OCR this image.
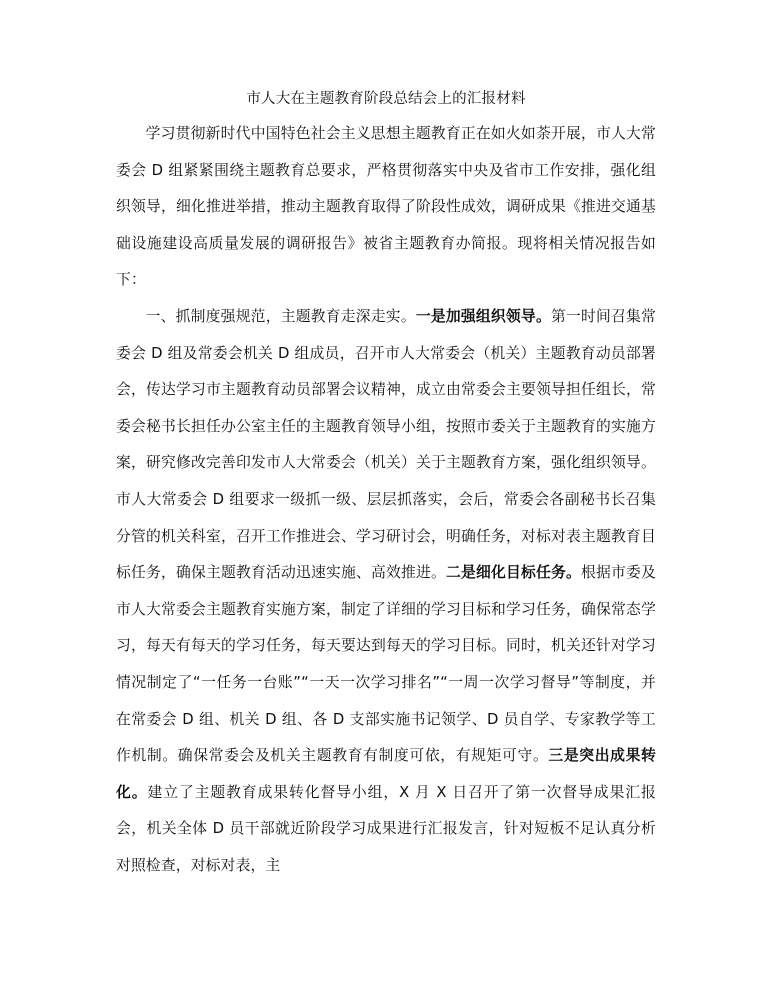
市人大在主题教育阶段总结会上的汇报材料

学习贯彻新时代中国特色社会主义思想主题教育正在如火如荼开展，市人大常委会 D 组紧紧围绕主题教育总要求，严格贯彻落实中央及省市工作安排，强化组织领导，细化推进举措，推动主题教育取得了阶段性成效，调研成果《推进交通基础设施建设高质量发展的调研报告》被省主题教育办简报。现将相关情况报告如下：

一、抓制度强规范，主题教育走深走实。一是加强组织领导。第一时间召集常委会 D 组及常委会机关 D 组成员，召开市人大常委会（机关）主题教育动员部署会，传达学习市主题教育动员部署会议精神，成立由常委会主要领导担任组长，常委会秘书长担任办公室主任的主题教育领导小组，按照市委关于主题教育的实施方案，研究修改完善印发市人大常委会（机关）关于主题教育方案，强化组织领导。市人大常委会 D 组要求一级抓一级、层层抓落实，会后，常委会各副秘书长召集分管的机关科室，召开工作推进会、学习研讨会，明确任务，对标对表主题教育目标任务，确保主题教育活动迅速实施、高效推进。二是细化目标任务。根据市委及市人大常委会主题教育实施方案，制定了详细的学习目标和学习任务，确保常态学习，每天有每天的学习任务，每天要达到每天的学习目标。同时，机关还针对学习情况制定了“一任务一台账”“一天一次学习排名”“一周一次学习督导”等制度，并在常委会 D 组、机关 D 组、各 D 支部实施书记领学、D 员自学、专家教学等工作机制。确保常委会及机关主题教育有制度可依，有规矩可守。三是突出成果转化。建立了主题教育成果转化督导小组，X 月 X 日召开了第一次督导成果汇报会，机关全体 D 员干部就近阶段学习成果进行汇报发言，针对短板不足认真分析对照检查，对标对表，主
